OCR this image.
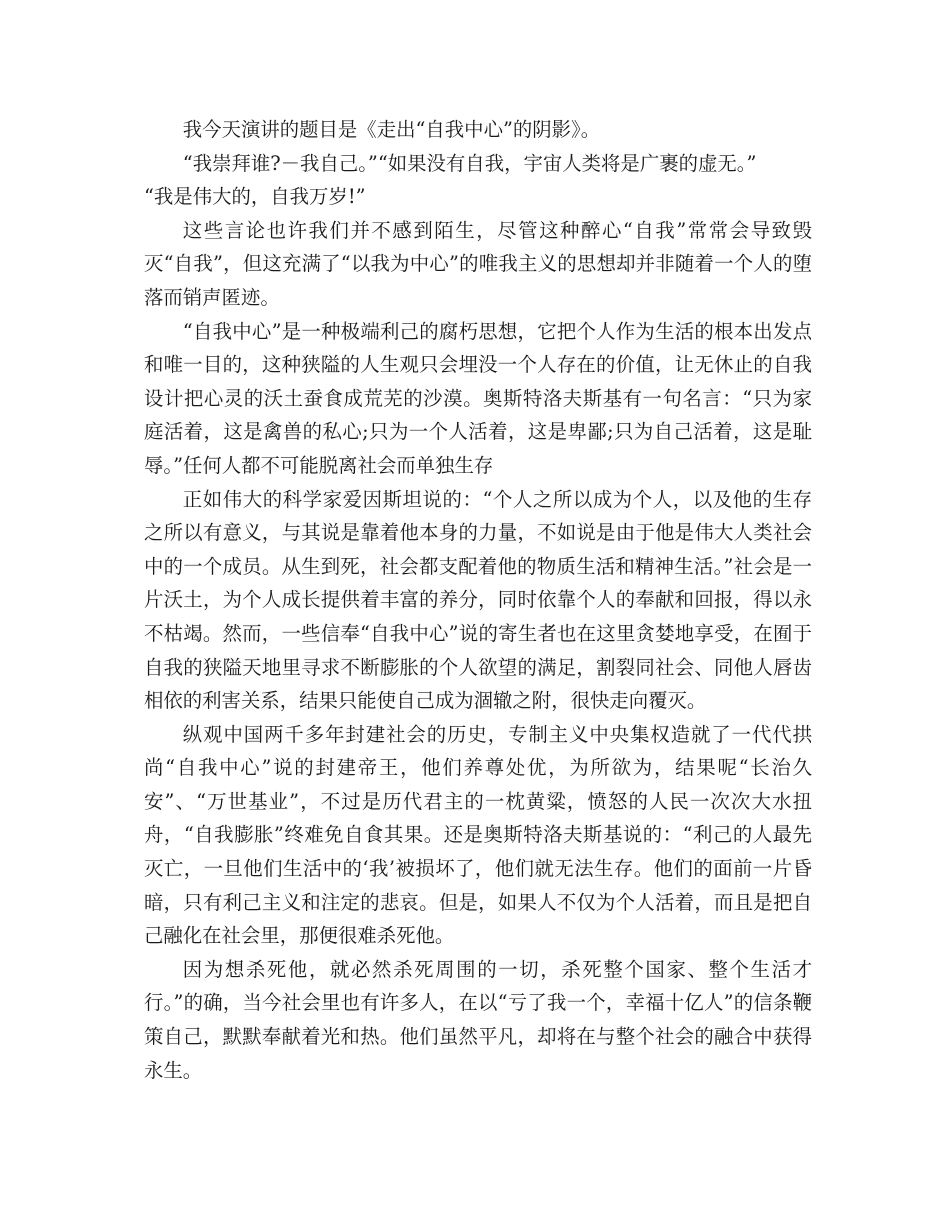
我今天演讲的题目是《走出“自我中心”的阴影》。

“我崇拜谁?－我自己。”“如果没有自我，宇宙人类将是广裹的虚无。”

“我是伟大的，自我万岁!”

这些言论也许我们并不感到陌生，尽管这种醉心“自我”常常会导致毁灭“自我”，但这充满了“以我为中心”的唯我主义的思想却并非随着一个人的堕落而销声匿迹。

“自我中心”是一种极端利己的腐朽思想，它把个人作为生活的根本出发点和唯一目的，这种狭隘的人生观只会埋没一个人存在的价值，让无休止的自我设计把心灵的沃土蚕食成荒芜的沙漠。奥斯特洛夫斯基有一句名言：“只为家庭活着，这是禽兽的私心;只为一个人活着，这是卑鄙;只为自己活着，这是耻辱。”任何人都不可能脱离社会而单独生存

正如伟大的科学家爱因斯坦说的：“个人之所以成为个人，以及他的生存之所以有意义，与其说是靠着他本身的力量，不如说是由于他是伟大人类社会中的一个成员。从生到死，社会都支配着他的物质生活和精神生活。”社会是一片沃土，为个人成长提供着丰富的养分，同时依靠个人的奉献和回报，得以永不枯竭。然而，一些信奉“自我中心”说的寄生者也在这里贪婪地享受，在囿于自我的狭隘天地里寻求不断膨胀的个人欲望的满足，割裂同社会、同他人唇齿相依的利害关系，结果只能使自己成为涸辙之附，很快走向覆灭。

纵观中国两千多年封建社会的历史，专制主义中央集权造就了一代代拱尚“自我中心”说的封建帝王，他们养尊处优，为所欲为，结果呢“长治久安”、“万世基业”，不过是历代君主的一枕黄粱，愤怒的人民一次次大水扭舟，“自我膨胀”终难免自食其果。还是奥斯特洛夫斯基说的：“利己的人最先灭亡，一旦他们生活中的‘我’被损坏了，他们就无法生存。他们的面前一片昏暗，只有利己主义和注定的悲哀。但是，如果人不仅为个人活着，而且是把自己融化在社会里，那便很难杀死他。

因为想杀死他，就必然杀死周围的一切，杀死整个国家、整个生活才行。”的确，当今社会里也有许多人，在以“亏了我一个，幸福十亿人”的信条鞭策自己，默默奉献着光和热。他们虽然平凡，却将在与整个社会的融合中获得永生。
